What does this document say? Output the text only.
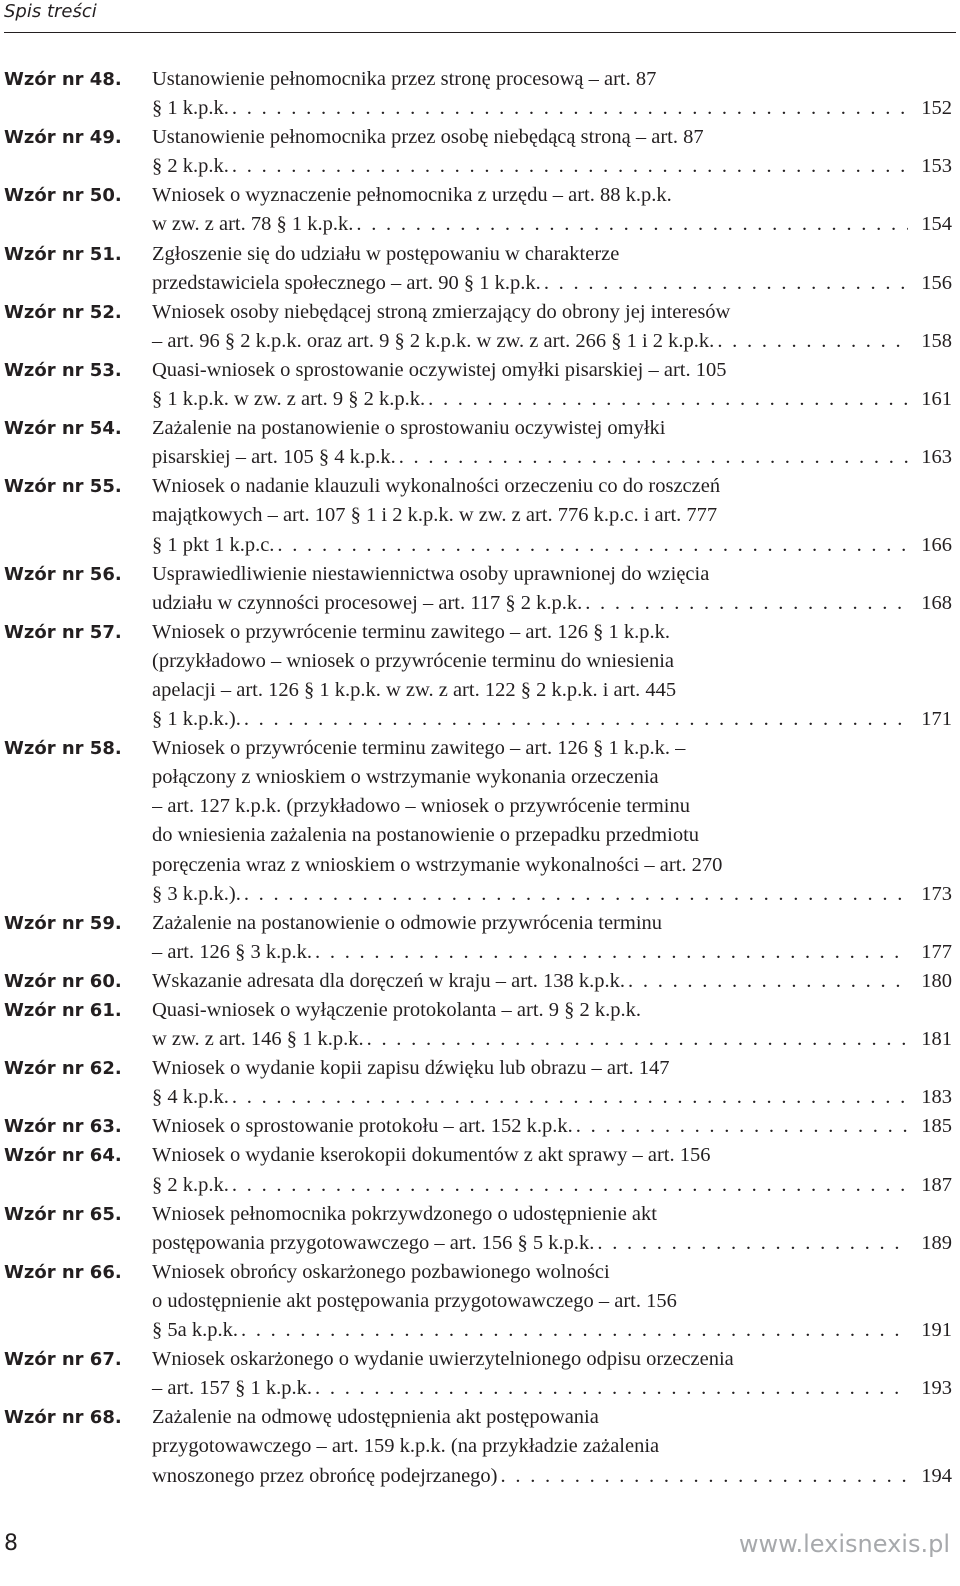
Spis treści
Wzór nr 48.	Ustanowienie pełnomocnika przez stronę procesową – art. 87
§ 1 k.p.k. . . .	152
Wzór nr 49.	Ustanowienie pełnomocnika przez osobę niebędącą stroną – art. 87
§ 2 k.p.k. . . .	153
Wzór nr 50.	Wniosek o wyznaczenie pełnomocnika z urzędu – art. 88 k.p.k.
w zw. z art. 78 § 1 k.p.k. . . .	154
Wzór nr 51.	Zgłoszenie się do udziału w postępowaniu w charakterze
przedstawiciela społecznego – art. 90 § 1 k.p.k. . . .	156
Wzór nr 52.	Wniosek osoby niebędącej stroną zmierzający do obrony jej interesów
– art. 96 § 2 k.p.k. oraz art. 9 § 2 k.p.k. w zw. z art. 266 § 1 i 2 k.p.k. . . .	158
Wzór nr 53.	Quasi-wniosek o sprostowanie oczywistej omyłki pisarskiej – art. 105
§ 1 k.p.k. w zw. z art. 9 § 2 k.p.k. . . .	161
Wzór nr 54.	Zażalenie na postanowienie o sprostowaniu oczywistej omyłki
pisarskiej – art. 105 § 4 k.p.k. . . .	163
Wzór nr 55.	Wniosek o nadanie klauzuli wykonalności orzeczeniu co do roszczeń
majątkowych – art. 107 § 1 i 2 k.p.k. w zw. z art. 776 k.p.c. i art. 777
§ 1 pkt 1 k.p.c. . . .	166
Wzór nr 56.	Usprawiedliwienie niestawiennictwa osoby uprawnionej do wzięcia
udziału w czynności procesowej – art. 117 § 2 k.p.k. . . .	168
Wzór nr 57.	Wniosek o przywrócenie terminu zawitego – art. 126 § 1 k.p.k.
(przykładowo – wniosek o przywrócenie terminu do wniesienia
apelacji – art. 126 § 1 k.p.k. w zw. z art. 122 § 2 k.p.k. i art. 445
§ 1 k.p.k.). . . .	171
Wzór nr 58.	Wniosek o przywrócenie terminu zawitego – art. 126 § 1 k.p.k. –
połączony z wnioskiem o wstrzymanie wykonania orzeczenia
– art. 127 k.p.k. (przykładowo – wniosek o przywrócenie terminu
do wniesienia zażalenia na postanowienie o przepadku przedmiotu
poręczenia wraz z wnioskiem o wstrzymanie wykonalności – art. 270
§ 3 k.p.k.). . . .	173
Wzór nr 59.	Zażalenie na postanowienie o odmowie przywrócenia terminu
– art. 126 § 3 k.p.k. . . .	177
Wzór nr 60.	Wskazanie adresata dla doręczeń w kraju – art. 138 k.p.k. . . .	180
Wzór nr 61.	Quasi-wniosek o wyłączenie protokolanta – art. 9 § 2 k.p.k.
w zw. z art. 146 § 1 k.p.k. . . .	181
Wzór nr 62.	Wniosek o wydanie kopii zapisu dźwięku lub obrazu – art. 147
§ 4 k.p.k. . . .	183
Wzór nr 63.	Wniosek o sprostowanie protokołu – art. 152 k.p.k. . . .	185
Wzór nr 64.	Wniosek o wydanie kserokopii dokumentów z akt sprawy – art. 156
§ 2 k.p.k. . . .	187
Wzór nr 65.	Wniosek pełnomocnika pokrzywdzonego o udostępnienie akt
postępowania przygotowawczego – art. 156 § 5 k.p.k. . . .	189
Wzór nr 66.	Wniosek obrońcy oskarżonego pozbawionego wolności
o udostępnienie akt postępowania przygotowawczego – art. 156
§ 5a k.p.k. . . .	191
Wzór nr 67.	Wniosek oskarżonego o wydanie uwierzytelnionego odpisu orzeczenia
– art. 157 § 1 k.p.k. . . .	193
Wzór nr 68.	Zażalenie na odmowę udostępnienia akt postępowania
przygotowawczego – art. 159 k.p.k. (na przykładzie zażalenia
wnoszonego przez obrońcę podejrzanego) . . .	194
8	www.lexisnexis.pl
